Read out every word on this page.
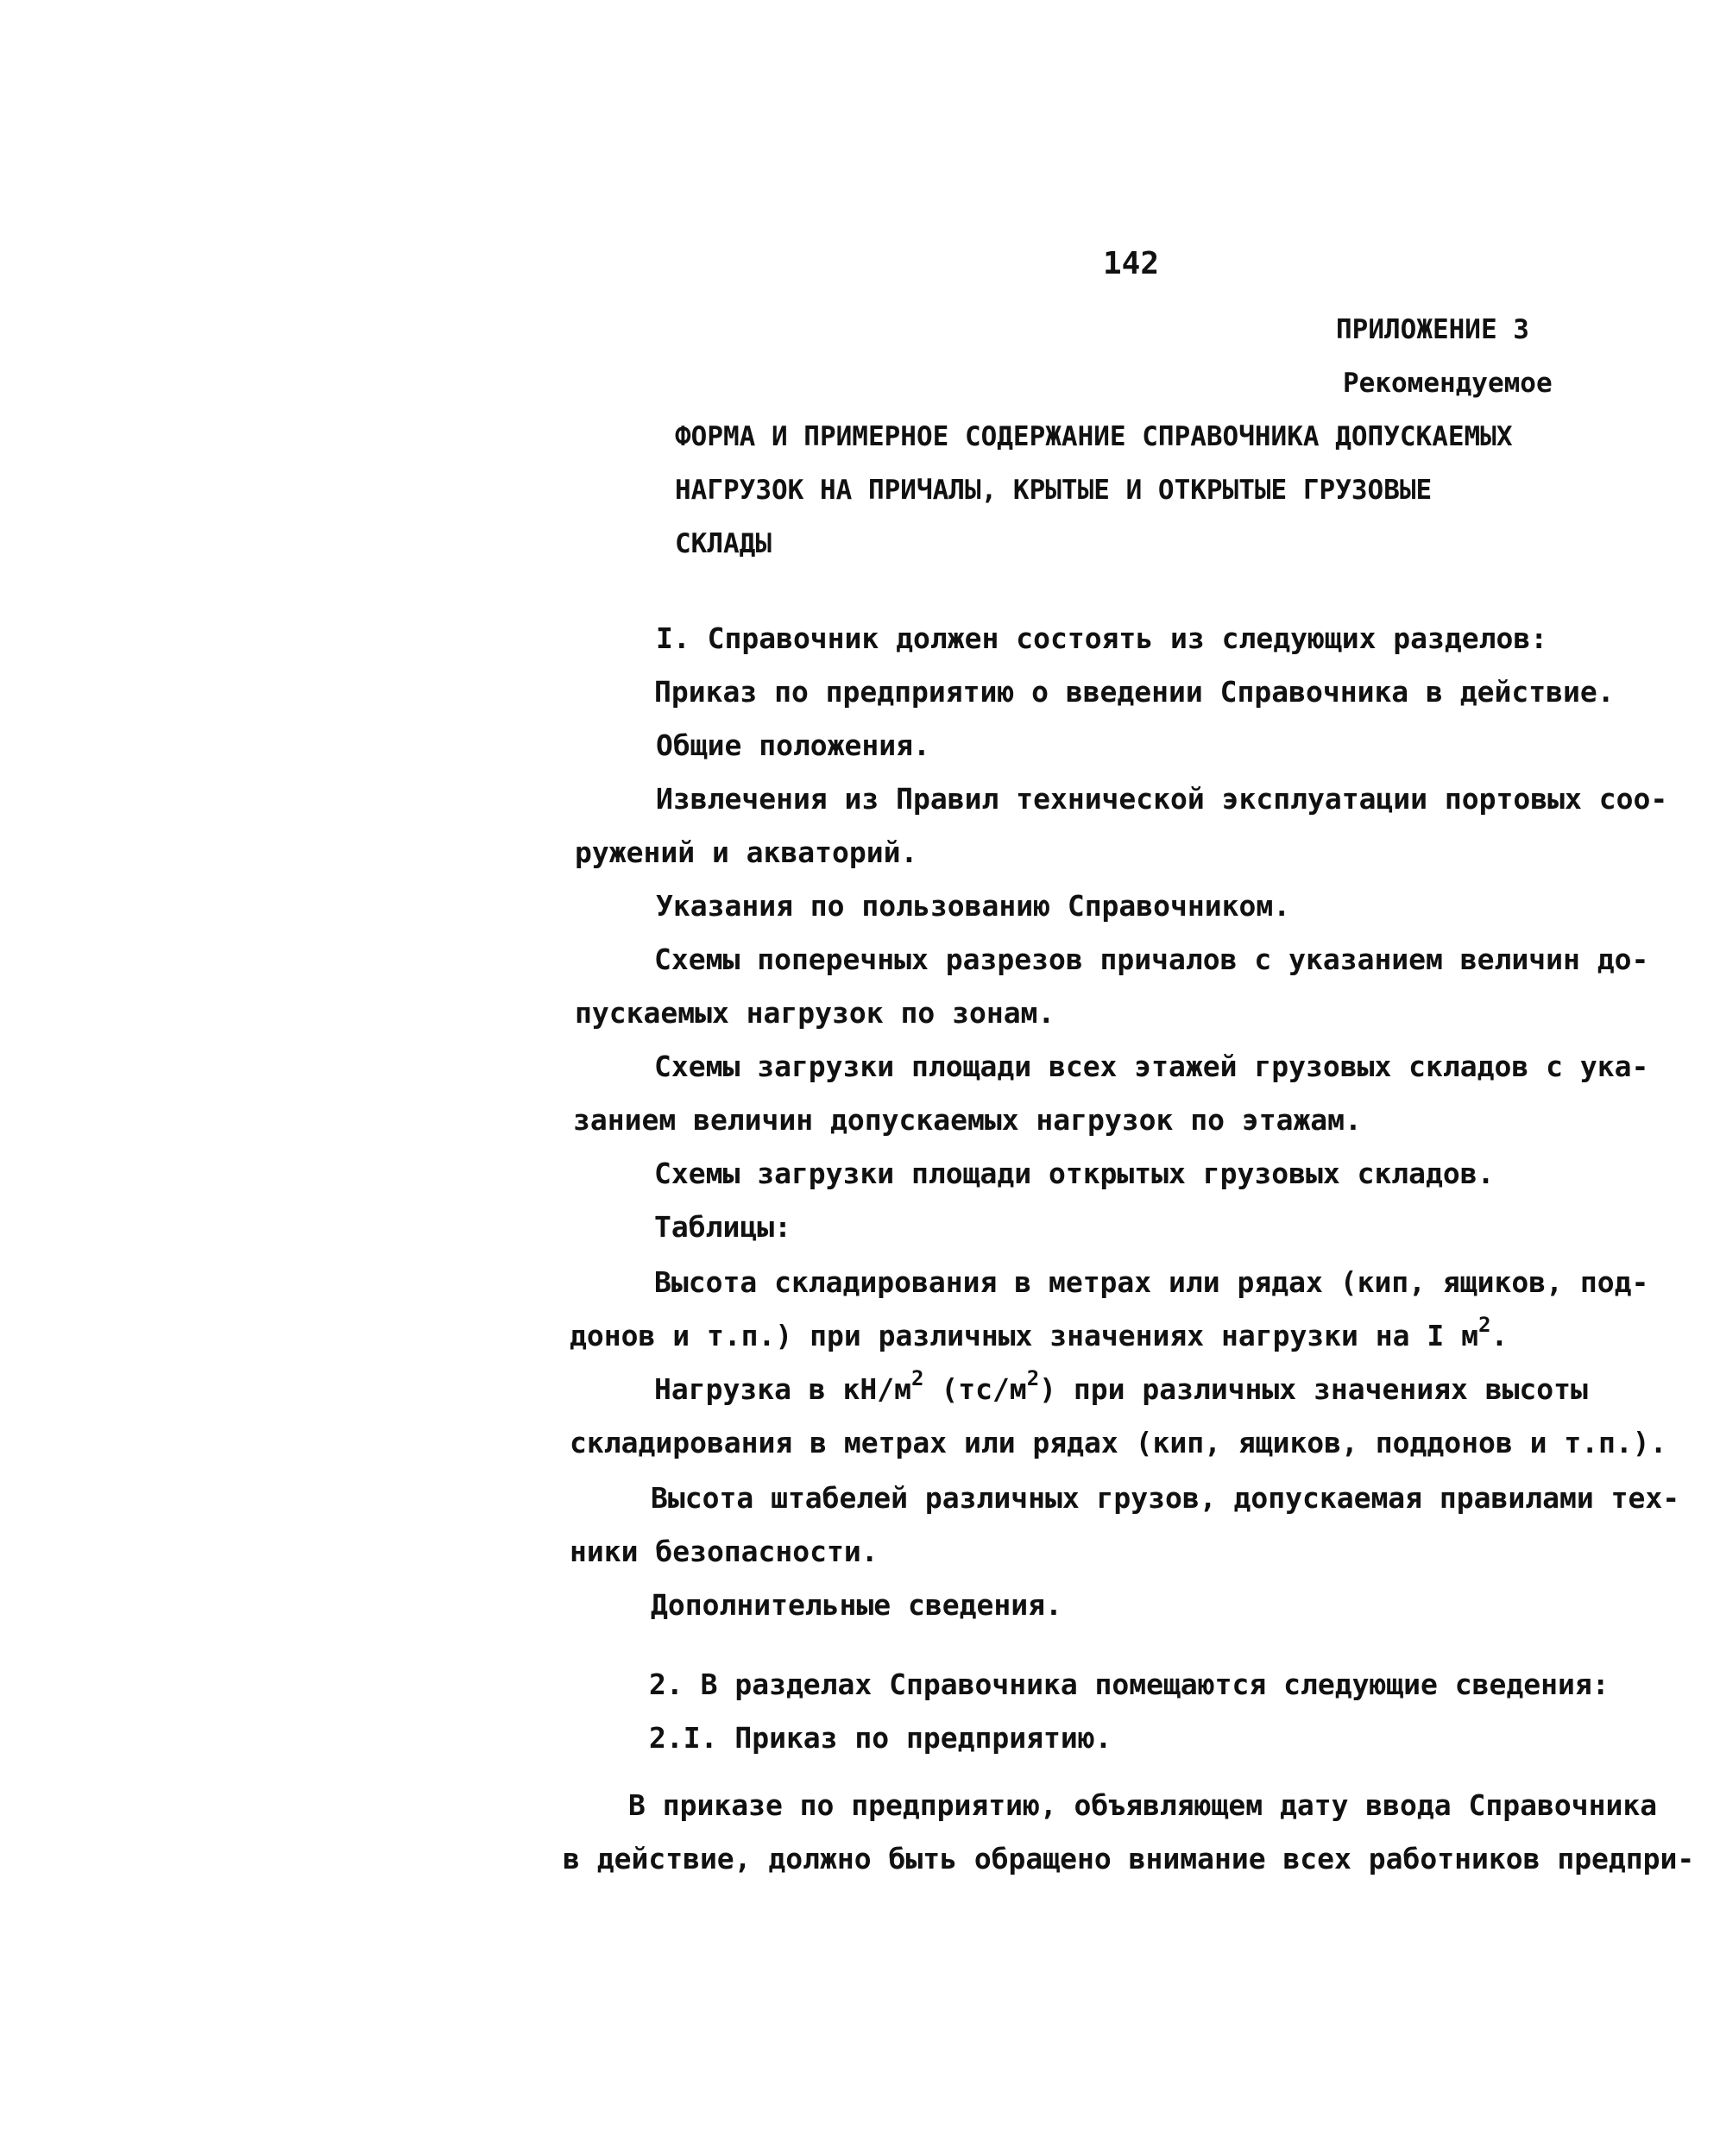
142
ПРИЛОЖЕНИЕ 3
Рекомендуемое
ФОРМА И ПРИМЕРНОЕ СОДЕРЖАНИЕ СПРАВОЧНИКА ДОПУСКАЕМЫХ
НАГРУЗОК НА ПРИЧАЛЫ, КРЫТЫЕ И ОТКРЫТЫЕ ГРУЗОВЫЕ
СКЛАДЫ
I. Справочник должен состоять из следующих разделов:
Приказ по предприятию о введении Справочника в действие.
Общие положения.
Извлечения из Правил технической эксплуатации портовых соо-
ружений и акваторий.
Указания по пользованию Справочником.
Схемы поперечных разрезов причалов с указанием величин до-
пускаемых нагрузок по зонам.
Схемы загрузки площади всех этажей грузовых складов с ука-
занием величин допускаемых нагрузок по этажам.
Схемы загрузки площади открытых грузовых складов.
Таблицы:
Высота складирования в метрах или рядах (кип, ящиков, под-
донов и т.п.) при различных значениях нагрузки на I $м^2$.
Нагрузка в $кН/м^2$ $(тс/м^2)$ при различных значениях высоты
складирования в метрах или рядах (кип, ящиков, поддонов и т.п.).
Высота штабелей различных грузов, допускаемая правилами тех-
ники безопасности.
Дополнительные сведения.
2. В разделах Справочника помещаются следующие сведения:
2.I. Приказ по предприятию.
В приказе по предприятию, объявляющем дату ввода Справочника
в действие, должно быть обращено внимание всех работников предпри-
